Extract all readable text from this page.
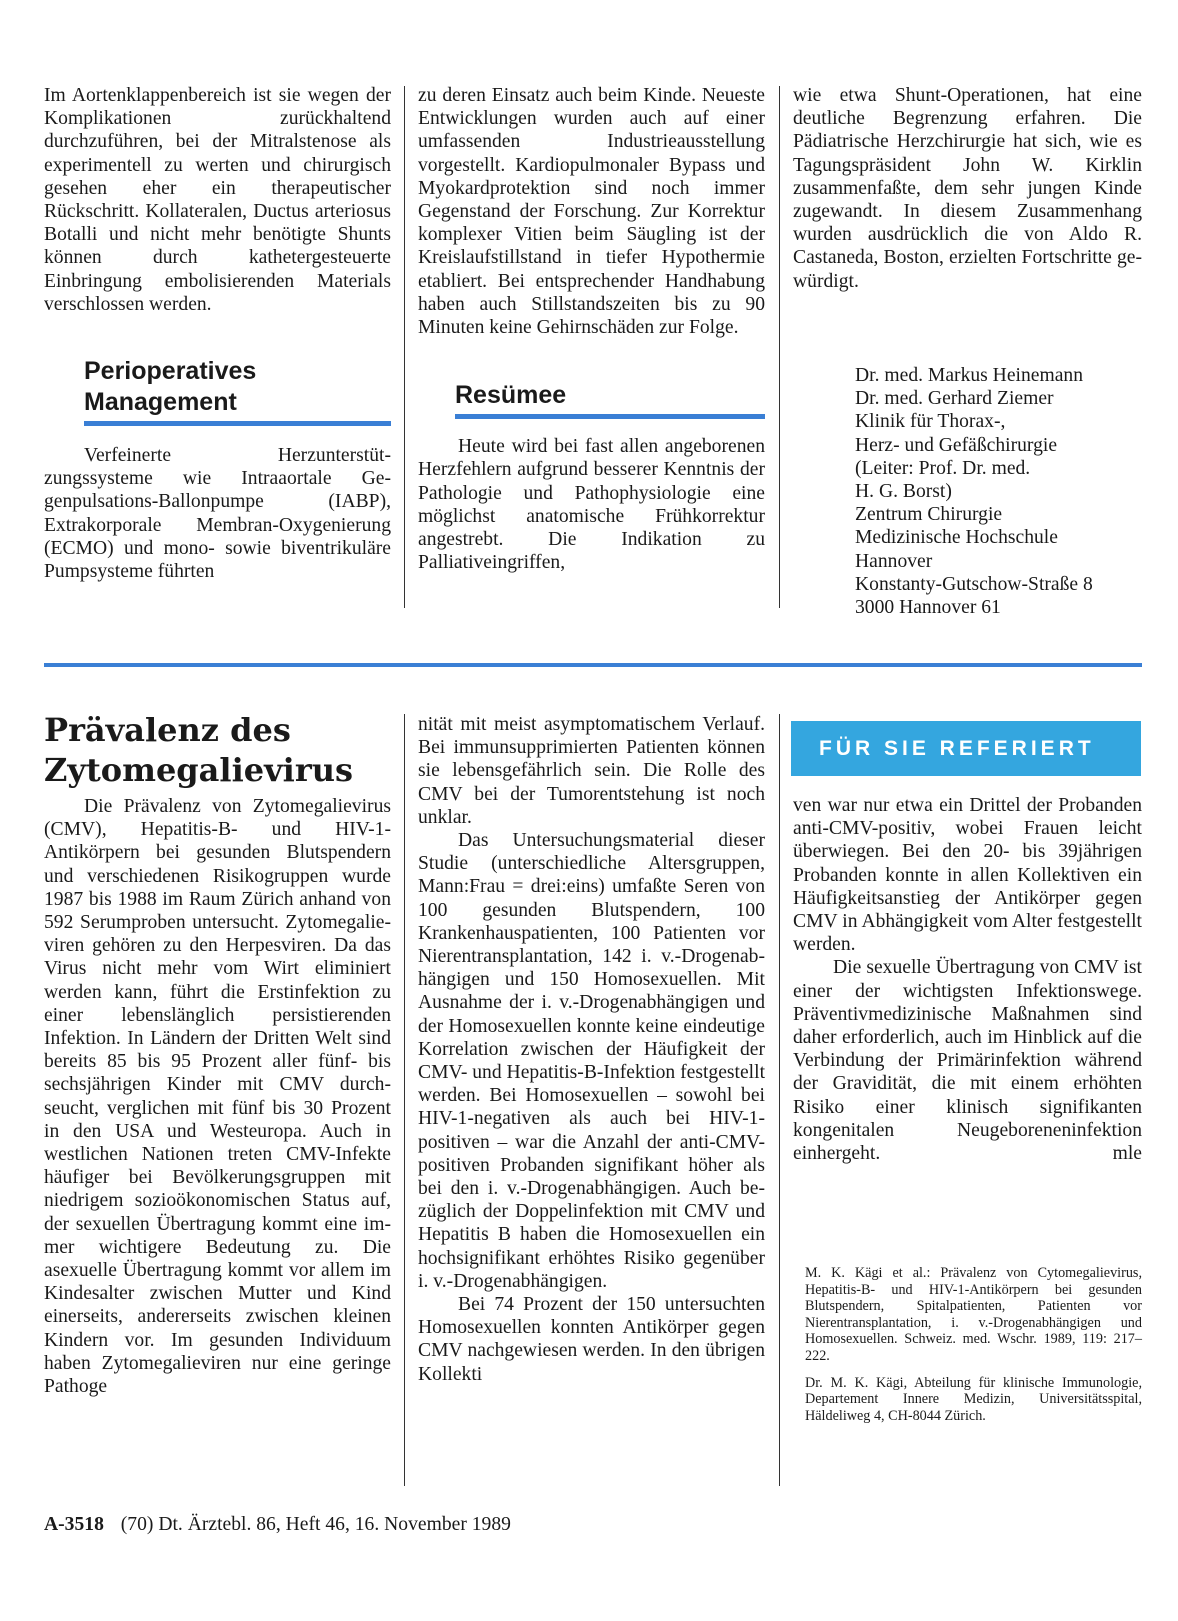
Im Aortenklappenbereich ist sie wegen der Komplikationen zurückhaltend durchzuführen, bei der Mitralstenose als experimentell zu werten und chirurgisch gesehen eher ein therapeutischer Rückschritt. Kollateralen, Ductus arteriosus Botalli und nicht mehr benötigte Shunts können durch kathetergesteuerte Einbringung embolisierenden Materials verschlossen werden.

Perioperatives Management

Verfeinerte Herzunterstützungssysteme wie Intraaortale Gegenpulsations-Ballonpumpe (IABP), Extrakorporale Membran-Oxygenierung (ECMO) und mono- sowie biventrikuläre Pumpsysteme führten

zu deren Einsatz auch beim Kinde. Neueste Entwicklungen wurden auch auf einer umfassenden Industrieausstellung vorgestellt. Kardiopulmonaler Bypass und Myokardprotektion sind noch immer Gegenstand der Forschung. Zur Korrektur komplexer Vitien beim Säugling ist der Kreislaufstillstand in tiefer Hypothermie etabliert. Bei entsprechender Handhabung haben auch Stillstandszeiten bis zu 90 Minuten keine Gehirnschäden zur Folge.

Resümee

Heute wird bei fast allen angeborenen Herzfehlern aufgrund besserer Kenntnis der Pathologie und Pathophysiologie eine möglichst anatomische Frühkorrektur angestrebt. Die Indikation zu Palliativeingriffen,

wie etwa Shunt-Operationen, hat eine deutliche Begrenzung erfahren. Die Pädiatrische Herzchirurgie hat sich, wie es Tagungspräsident John W. Kirklin zusammenfaßte, dem sehr jungen Kinde zugewandt. In diesem Zusammenhang wurden ausdrücklich die von Aldo R. Castaneda, Boston, erzielten Fortschritte gewürdigt.

Dr. med. Markus Heinemann
Dr. med. Gerhard Ziemer
Klinik für Thorax-,
Herz- und Gefäßchirurgie
(Leiter: Prof. Dr. med.
H. G. Borst)
Zentrum Chirurgie
Medizinische Hochschule
Hannover
Konstanty-Gutschow-Straße 8
3000 Hannover 61
Prävalenz des Zytomegalievirus

Die Prävalenz von Zytomegalievirus (CMV), Hepatitis-B- und HIV-1-Antikörpern bei gesunden Blutspendern und verschiedenen Risikogruppen wurde 1987 bis 1988 im Raum Zürich anhand von 592 Serumproben untersucht. Zytomegalieviren gehören zu den Herpesviren. Da das Virus nicht mehr vom Wirt eliminiert werden kann, führt die Erstinfektion zu einer lebenslänglich persistierenden Infektion. In Ländern der Dritten Welt sind bereits 85 bis 95 Prozent aller fünf- bis sechsjährigen Kinder mit CMV durchseucht, verglichen mit fünf bis 30 Prozent in den USA und Westeuropa. Auch in westlichen Nationen treten CMV-Infekte häufiger bei Bevölkerungsgruppen mit niedrigem sozioökonomischen Status auf, der sexuellen Übertragung kommt eine immer wichtigere Bedeutung zu. Die asexuelle Übertragung kommt vor allem im Kindesalter zwischen Mutter und Kind einerseits, andererseits zwischen kleinen Kindern vor. Im gesunden Individuum haben Zytomegalieviren nur eine geringe Pathoge

nität mit meist asymptomatischem Verlauf. Bei immunsupprimierten Patienten können sie lebensgefährlich sein. Die Rolle des CMV bei der Tumorentstehung ist noch unklar.

Das Untersuchungsmaterial dieser Studie (unterschiedliche Altersgruppen, Mann:Frau = drei:eins) umfaßte Seren von 100 gesunden Blutspendern, 100 Krankenhauspatienten, 100 Patienten vor Nierentransplantation, 142 i. v.-Drogenabhängigen und 150 Homosexuellen. Mit Ausnahme der i. v.-Drogenabhängigen und der Homosexuellen konnte keine eindeutige Korrelation zwischen der Häufigkeit der CMV- und Hepatitis-B-Infektion festgestellt werden. Bei Homosexuellen – sowohl bei HIV-1-negativen als auch bei HIV-1-positiven – war die Anzahl der anti-CMV-positiven Probanden signifikant höher als bei den i. v.-Drogenabhängigen. Auch bezüglich der Doppelinfektion mit CMV und Hepatitis B haben die Homosexuellen ein hochsignifikant erhöhtes Risiko gegenüber i. v.-Drogenabhängigen.

Bei 74 Prozent der 150 untersuchten Homosexuellen konnten Antikörper gegen CMV nachgewiesen werden. In den übrigen Kollekti

FÜR SIE REFERIERT

ven war nur etwa ein Drittel der Probanden anti-CMV-positiv, wobei Frauen leicht überwiegen. Bei den 20- bis 39jährigen Probanden konnte in allen Kollektiven ein Häufigkeitsanstieg der Antikörper gegen CMV in Abhängigkeit vom Alter festgestellt werden.

Die sexuelle Übertragung von CMV ist einer der wichtigsten Infektionswege. Präventivmedizinische Maßnahmen sind daher erforderlich, auch im Hinblick auf die Verbindung der Primärinfektion während der Gravidität, die mit einem erhöhten Risiko einer klinisch signifikanten kongenitalen Neugeboreneninfektion einhergeht.	mle

M. K. Kägi et al.: Prävalenz von Cytomegalievirus, Hepatitis-B- und HIV-1-Antikörpern bei gesunden Blutspendern, Spitalpatienten, Patienten vor Nierentransplantation, i. v.-Drogenabhängigen und Homosexuellen. Schweiz. med. Wschr. 1989, 119: 217–222.

Dr. M. K. Kägi, Abteilung für klinische Immunologie, Departement Innere Medizin, Universitätsspital, Häldeliweg 4, CH-8044 Zürich.

A-3518 (70) Dt. Ärztebl. 86, Heft 46, 16. November 1989
